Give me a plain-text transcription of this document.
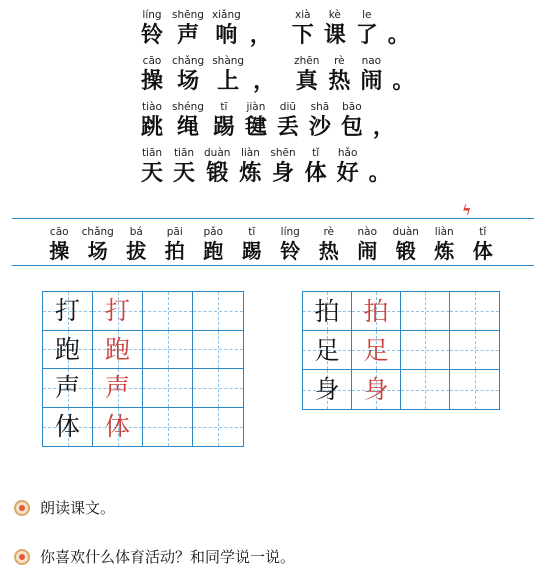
líng
铃
shēng
声
xiǎng
响 ，
xià
下
kè
课
le
了 。
cāo
操
chǎng
场
shàng
上 ，
zhēn
真
rè
热
nao
闹 。
tiào
跳
shéng
绳
tī
踢
jiàn
毽
diū
丢
shā
沙
bāo
包 ，
tiān
天
tiān
天
duàn
锻
liàn
炼
shēn
身
tǐ
体
hǎo
好 。
ϟ
cāo
操
chǎng
场
bá
拔
pāi
拍
pǎo
跑
tī
踢
líng
铃
rè
热
nào
闹
duàn
锻
liàn
炼
tǐ
体
打 打
跑 跑
声 声
体 体
拍 拍
足 足
身 身
朗读课文。
你喜欢什么体育活动？和同学说一说。
